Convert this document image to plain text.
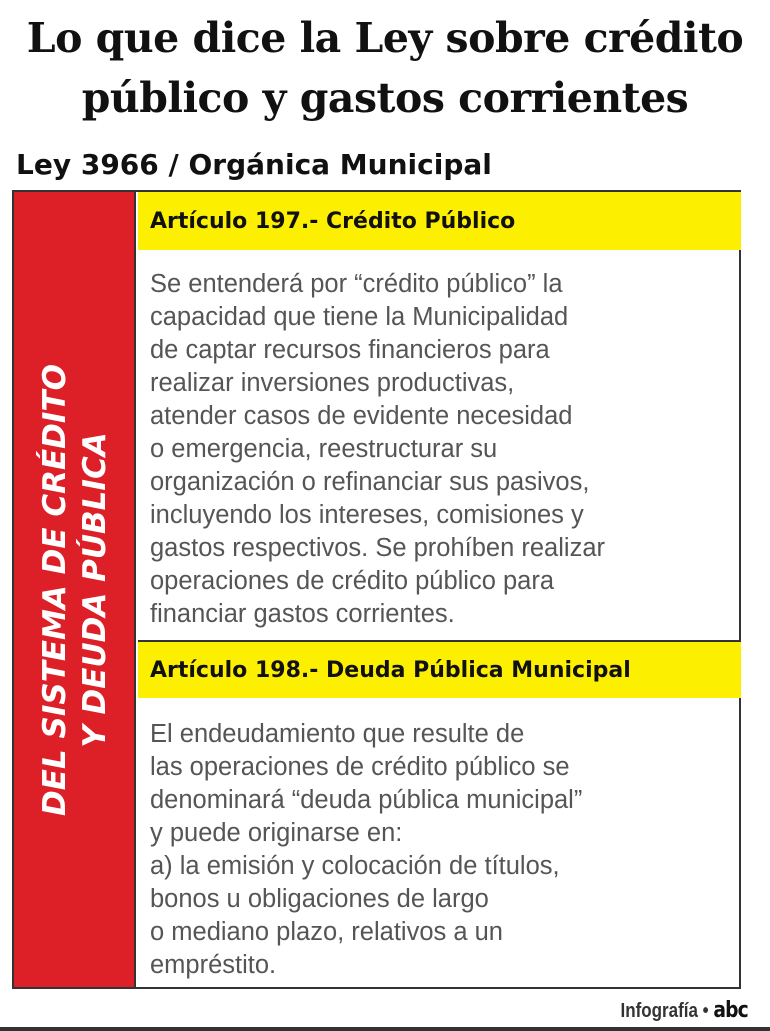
Lo que dice la Ley sobre crédito
público y gastos corrientes
Ley 3966 / Orgánica Municipal
DEL SISTEMA DE CRÉDITO Y DEUDA PÚBLICA
Artículo 197.- Crédito Público
Se entenderá por “crédito público” la
capacidad que tiene la Municipalidad
de captar recursos financieros para
realizar inversiones productivas,
atender casos de evidente necesidad
o emergencia, reestructurar su
organización o refinanciar sus pasivos,
incluyendo los intereses, comisiones y
gastos respectivos. Se prohíben realizar
operaciones de crédito público para
financiar gastos corrientes.
Artículo 198.- Deuda Pública Municipal
El endeudamiento que resulte de
las operaciones de crédito público se
denominará “deuda pública municipal”
y puede originarse en:
a) la emisión y colocación de títulos,
bonos u obligaciones de largo
o mediano plazo, relativos a un
empréstito.
Infografía • abc
